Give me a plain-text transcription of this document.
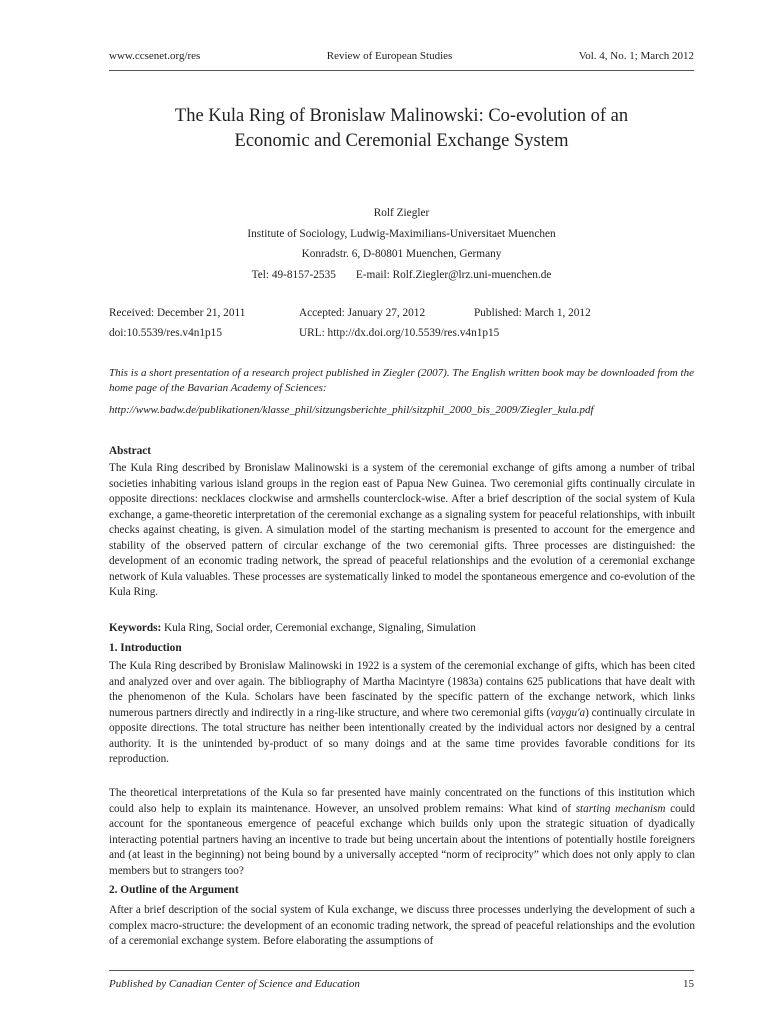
www.ccsenet.org/res	Review of European Studies	Vol. 4, No. 1; March 2012
The Kula Ring of Bronislaw Malinowski: Co-evolution of an
Economic and Ceremonial Exchange System
Rolf Ziegler
Institute of Sociology, Ludwig-Maximilians-Universitaet Muenchen
Konradstr. 6, D-80801 Muenchen, Germany
Tel: 49-8157-2535 E-mail: Rolf.Ziegler@lrz.uni-muenchen.de
Received: December 21, 2011	Accepted: January 27, 2012	Published: March 1, 2012
doi:10.5539/res.v4n1p15	URL: http://dx.doi.org/10.5539/res.v4n1p15
This is a short presentation of a research project published in Ziegler (2007). The English written book may be downloaded from the home page of the Bavarian Academy of Sciences:
http://www.badw.de/publikationen/klasse_phil/sitzungsberichte_phil/sitzphil_2000_bis_2009/Ziegler_kula.pdf
Abstract

The Kula Ring described by Bronislaw Malinowski is a system of the ceremonial exchange of gifts among a number of tribal societies inhabiting various island groups in the region east of Papua New Guinea. Two ceremonial gifts continually circulate in opposite directions: necklaces clockwise and armshells counterclock-wise. After a brief description of the social system of Kula exchange, a game-theoretic interpretation of the ceremonial exchange as a signaling system for peaceful relationships, with inbuilt checks against cheating, is given. A simulation model of the starting mechanism is presented to account for the emergence and stability of the observed pattern of circular exchange of the two ceremonial gifts. Three processes are distinguished: the development of an economic trading network, the spread of peaceful relationships and the evolution of a ceremonial exchange network of Kula valuables. These processes are systematically linked to model the spontaneous emergence and co-evolution of the Kula Ring.

Keywords: Kula Ring, Social order, Ceremonial exchange, Signaling, Simulation
1. Introduction

The Kula Ring described by Bronislaw Malinowski in 1922 is a system of the ceremonial exchange of gifts, which has been cited and analyzed over and over again. The bibliography of Martha Macintyre (1983a) contains 625 publications that have dealt with the phenomenon of the Kula. Scholars have been fascinated by the specific pattern of the exchange network, which links numerous partners directly and indirectly in a ring-like structure, and where two ceremonial gifts (vaygu'a) continually circulate in opposite directions. The total structure has neither been intentionally created by the individual actors nor designed by a central authority. It is the unintended by-product of so many doings and at the same time provides favorable conditions for its reproduction.

The theoretical interpretations of the Kula so far presented have mainly concentrated on the functions of this institution which could also help to explain its maintenance. However, an unsolved problem remains: What kind of starting mechanism could account for the spontaneous emergence of peaceful exchange which builds only upon the strategic situation of dyadically interacting potential partners having an incentive to trade but being uncertain about the intentions of potentially hostile foreigners and (at least in the beginning) not being bound by a universally accepted “norm of reciprocity” which does not only apply to clan members but to strangers too?

2. Outline of the Argument

After a brief description of the social system of Kula exchange, we discuss three processes underlying the development of such a complex macro-structure: the development of an economic trading network, the spread of peaceful relationships and the evolution of a ceremonial exchange system. Before elaborating the assumptions of

Published by Canadian Center of Science and Education	15
